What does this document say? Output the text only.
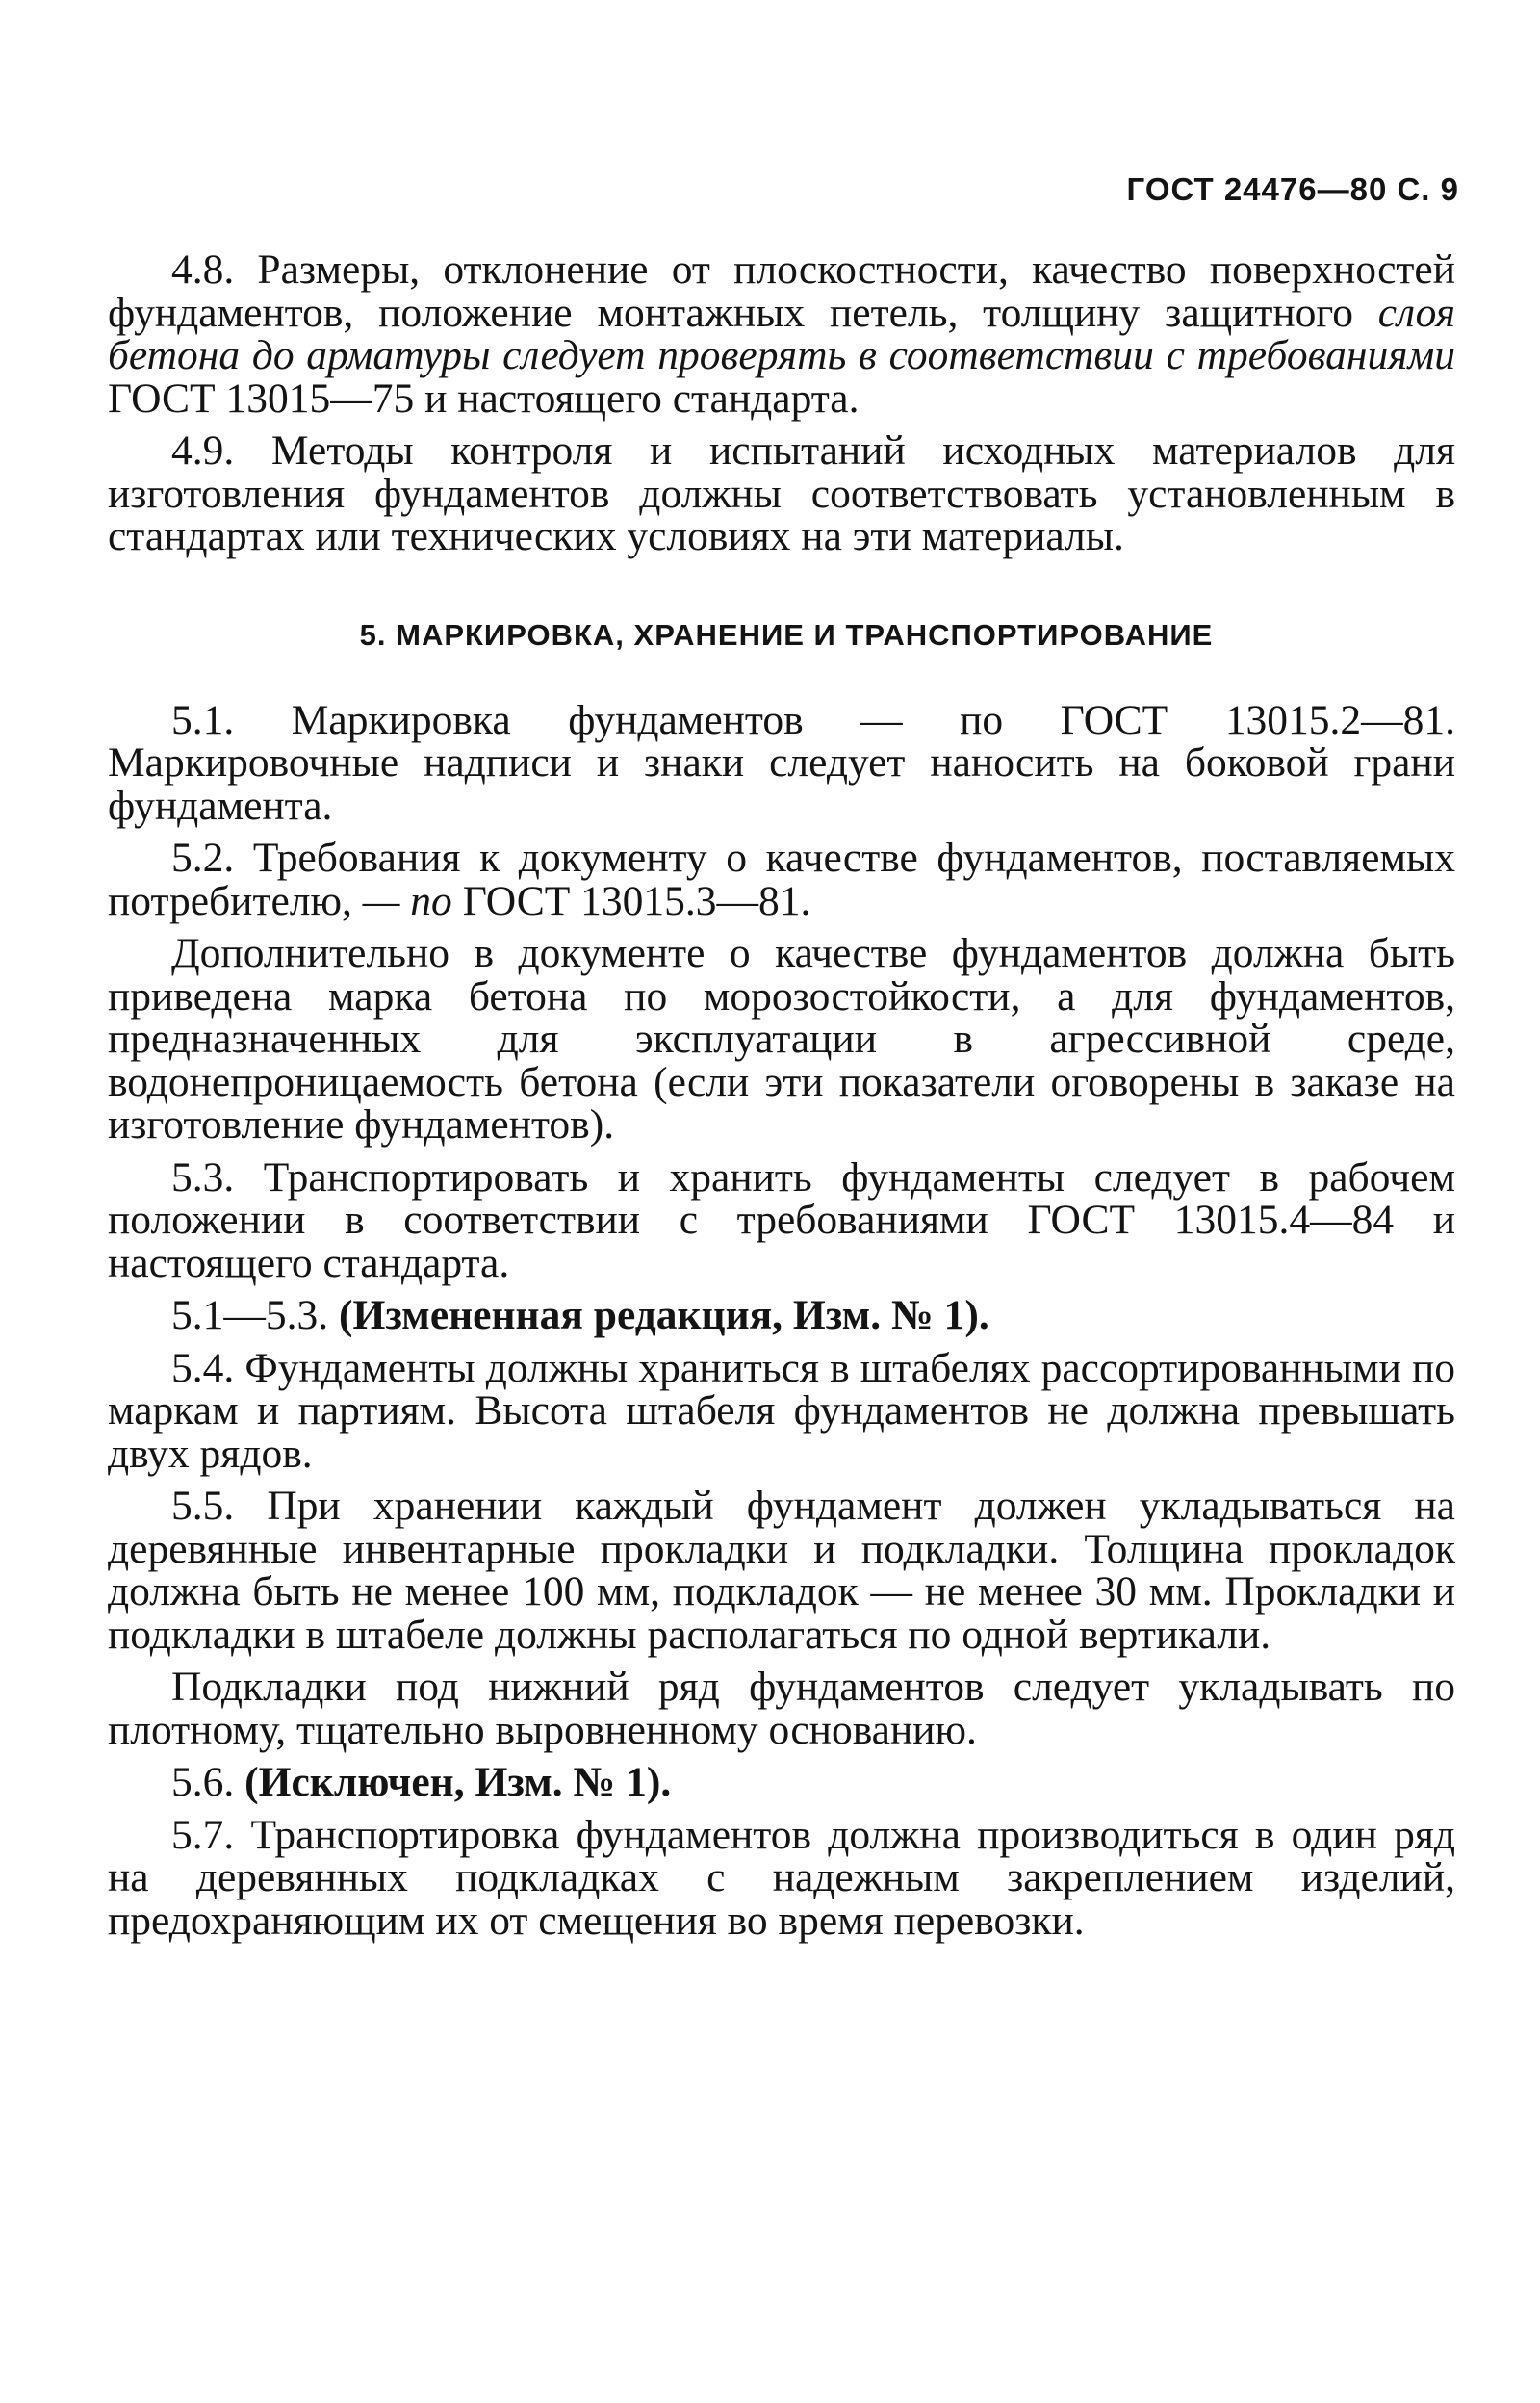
ГОСТ 24476—80 С. 9

4.8. Размеры, отклонение от плоскостности, качество поверхностей фундаментов, положение монтажных петель, толщину защитного слоя бетона до арматуры следует проверять в соответствии с требованиями ГОСТ 13015—75 и настоящего стандарта.

4.9. Методы контроля и испытаний исходных материалов для изготовления фундаментов должны соответствовать установленным в стандартах или технических условиях на эти материалы.

5. МАРКИРОВКА, ХРАНЕНИЕ И ТРАНСПОРТИРОВАНИЕ

5.1. Маркировка фундаментов — по ГОСТ 13015.2—81. Маркировочные надписи и знаки следует наносить на боковой грани фундамента.

5.2. Требования к документу о качестве фундаментов, поставляемых потребителю, — по ГОСТ 13015.3—81.

Дополнительно в документе о качестве фундаментов должна быть приведена марка бетона по морозостойкости, а для фундаментов, предназначенных для эксплуатации в агрессивной среде, водонепроницаемость бетона (если эти показатели оговорены в заказе на изготовление фундаментов).

5.3. Транспортировать и хранить фундаменты следует в рабочем положении в соответствии с требованиями ГОСТ 13015.4—84 и настоящего стандарта.

5.1—5.3. (Измененная редакция, Изм. № 1).

5.4. Фундаменты должны храниться в штабелях рассортированными по маркам и партиям. Высота штабеля фундаментов не должна превышать двух рядов.

5.5. При хранении каждый фундамент должен укладываться на деревянные инвентарные прокладки и подкладки. Толщина прокладок должна быть не менее 100 мм, подкладок — не менее 30 мм. Прокладки и подкладки в штабеле должны располагаться по одной вертикали.

Подкладки под нижний ряд фундаментов следует укладывать по плотному, тщательно выровненному основанию.

5.6. (Исключен, Изм. № 1).

5.7. Транспортировка фундаментов должна производиться в один ряд на деревянных подкладках с надежным закреплением изделий, предохраняющим их от смещения во время перевозки.
